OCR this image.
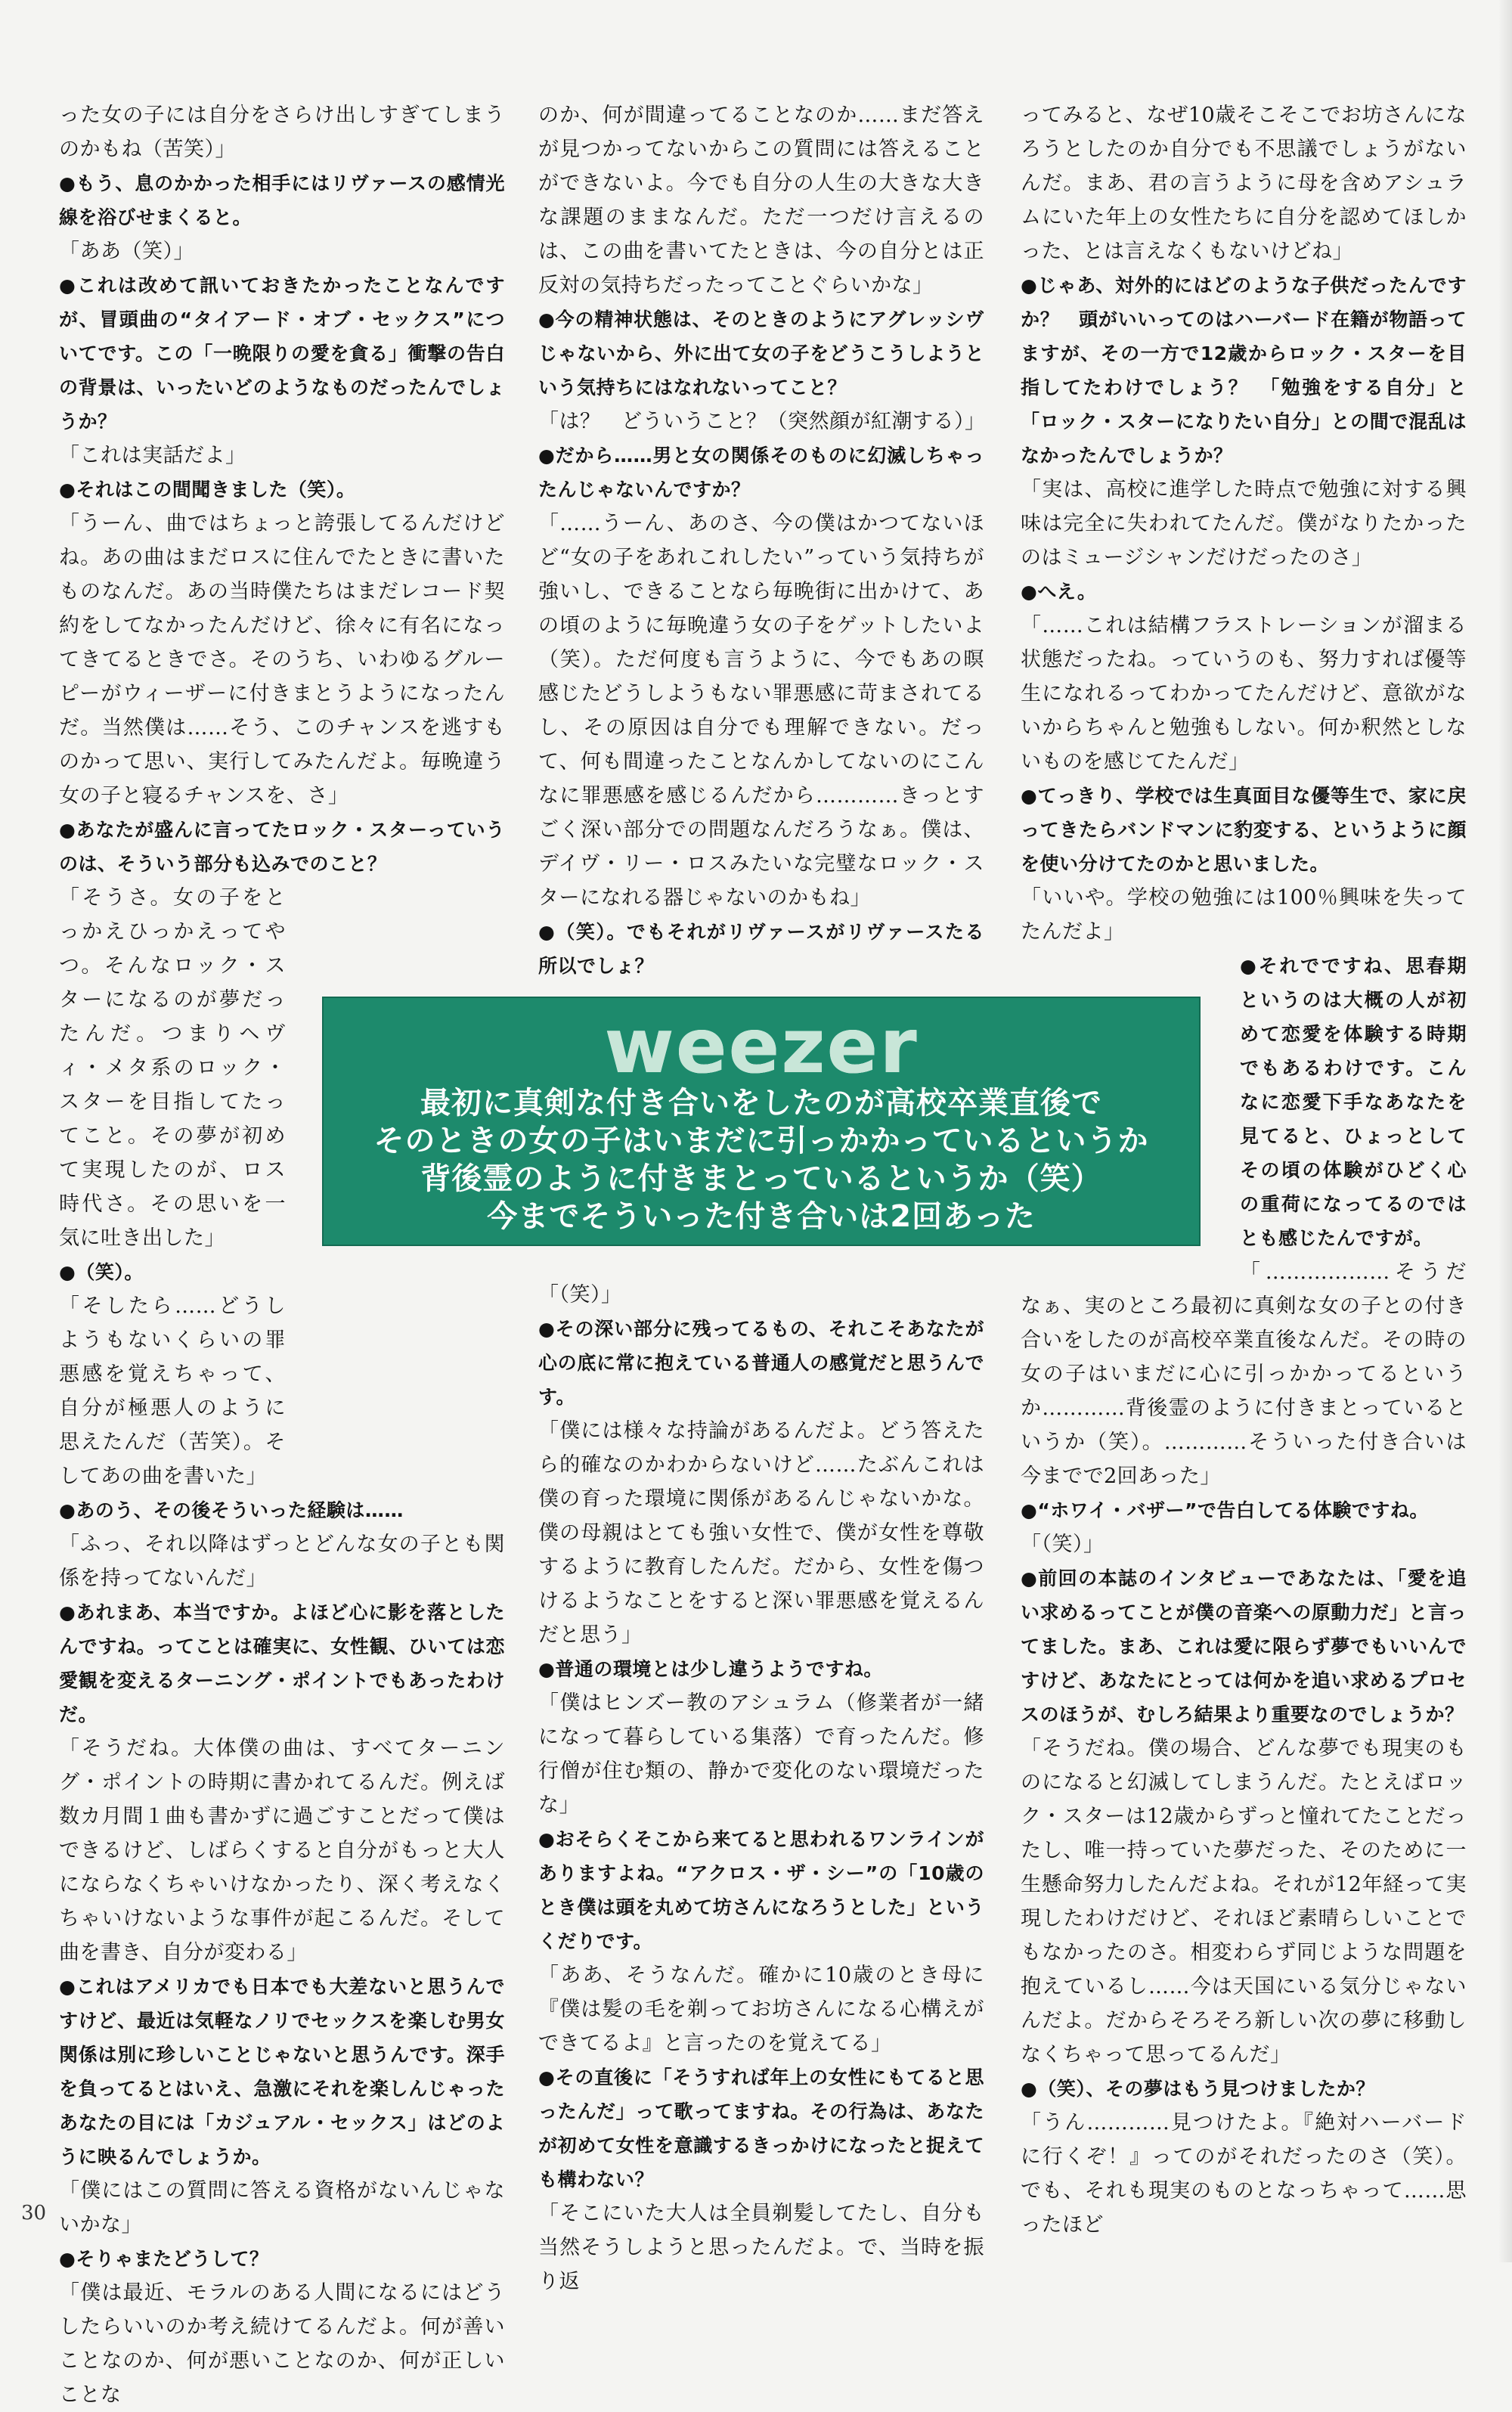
った女の子には自分をさらけ出しすぎてしまうのかもね（苦笑）」

●もう、息のかかった相手にはリヴァースの感情光線を浴びせまくると。

「ああ（笑）」

●これは改めて訊いておきたかったことなんですが、冒頭曲の“タイアード・オブ・セックス”についてです。この「一晩限りの愛を貪る」衝撃の告白の背景は、いったいどのようなものだったんでしょうか？

「これは実話だよ」

●それはこの間聞きました（笑）。

「うーん、曲ではちょっと誇張してるんだけどね。あの曲はまだロスに住んでたときに書いたものなんだ。あの当時僕たちはまだレコード契約をしてなかったんだけど、徐々に有名になってきてるときでさ。そのうち、いわゆるグルーピーがウィーザーに付きまとうようになったんだ。当然僕は……そう、このチャンスを逃すものかって思い、実行してみたんだよ。毎晩違う女の子と寝るチャンスを、さ」

●あなたが盛んに言ってたロック・スターっていうのは、そういう部分も込みでのこと？

「そうさ。女の子をとっかえひっかえってやつ。そんなロック・スターになるのが夢だったんだ。つまりヘヴィ・メタ系のロック・スターを目指してたってこと。その夢が初めて実現したのが、ロス時代さ。その思いを一気に吐き出した」

●（笑）。

「そしたら……どうしようもないくらいの罪悪感を覚えちゃって、自分が極悪人のように思えたんだ（苦笑）。そしてあの曲を書いた」

●あのう、その後そういった経験は……

「ふっ、それ以降はずっとどんな女の子とも関係を持ってないんだ」

●あれまあ、本当ですか。よほど心に影を落としたんですね。ってことは確実に、女性観、ひいては恋愛観を変えるターニング・ポイントでもあったわけだ。

「そうだね。大体僕の曲は、すべてターニング・ポイントの時期に書かれてるんだ。例えば数カ月間１曲も書かずに過ごすことだって僕はできるけど、しばらくすると自分がもっと大人にならなくちゃいけなかったり、深く考えなくちゃいけないような事件が起こるんだ。そして曲を書き、自分が変わる」

●これはアメリカでも日本でも大差ないと思うんですけど、最近は気軽なノリでセックスを楽しむ男女関係は別に珍しいことじゃないと思うんです。深手を負ってるとはいえ、急激にそれを楽しんじゃったあなたの目には「カジュアル・セックス」はどのように映るんでしょうか。

「僕にはこの質問に答える資格がないんじゃないかな」

●そりゃまたどうして？

「僕は最近、モラルのある人間になるにはどうしたらいいのか考え続けてるんだよ。何が善いことなのか、何が悪いことなのか、何が正しいことな

のか、何が間違ってることなのか……まだ答えが見つかってないからこの質問には答えることができないよ。今でも自分の人生の大きな大きな課題のままなんだ。ただ一つだけ言えるのは、この曲を書いてたときは、今の自分とは正反対の気持ちだったってことぐらいかな」

●今の精神状態は、そのときのようにアグレッシヴじゃないから、外に出て女の子をどうこうしようという気持ちにはなれないってこと？

「は？　どういうこと？（突然顔が紅潮する）」

●だから……男と女の関係そのものに幻滅しちゃったんじゃないんですか？

「……うーん、あのさ、今の僕はかつてないほど“女の子をあれこれしたい”っていう気持ちが強いし、できることなら毎晩街に出かけて、あの頃のように毎晩違う女の子をゲットしたいよ（笑）。ただ何度も言うように、今でもあの暝感じたどうしようもない罪悪感に苛まされてるし、その原因は自分でも理解できない。だって、何も間違ったことなんかしてないのにこんなに罪悪感を感じるんだから…………きっとすごく深い部分での問題なんだろうなぁ。僕は、デイヴ・リー・ロスみたいな完璧なロック・スターになれる器じゃないのかもね」

●（笑）。でもそれがリヴァースがリヴァースたる所以でしょ？

「（笑）」

●その深い部分に残ってるもの、それこそあなたが心の底に常に抱えている普通人の感覚だと思うんです。

「僕には様々な持論があるんだよ。どう答えたら的確なのかわからないけど……たぶんこれは僕の育った環境に関係があるんじゃないかな。僕の母親はとても強い女性で、僕が女性を尊敬するように教育したんだ。だから、女性を傷つけるようなことをすると深い罪悪感を覚えるんだと思う」

●普通の環境とは少し違うようですね。

「僕はヒンズー教のアシュラム（修業者が一緒になって暮らしている集落）で育ったんだ。修行僧が住む類の、静かで変化のない環境だったな」

●おそらくそこから来てると思われるワンラインがありますよね。“アクロス・ザ・シー”の「10歳のとき僕は頭を丸めて坊さんになろうとした」というくだりです。

「ああ、そうなんだ。確かに10歳のとき母に『僕は髪の毛を剃ってお坊さんになる心構えができてるよ』と言ったのを覚えてる」

●その直後に「そうすれば年上の女性にもてると思ったんだ」って歌ってますね。その行為は、あなたが初めて女性を意識するきっかけになったと捉えても構わない？

「そこにいた大人は全員剃髪してたし、自分も当然そうしようと思ったんだよ。で、当時を振り返

ってみると、なぜ10歳そこそこでお坊さんになろうとしたのか自分でも不思議でしょうがないんだ。まあ、君の言うように母を含めアシュラムにいた年上の女性たちに自分を認めてほしかった、とは言えなくもないけどね」

●じゃあ、対外的にはどのような子供だったんですか？　頭がいいってのはハーバード在籍が物語ってますが、その一方で12歳からロック・スターを目指してたわけでしょう？　「勉強をする自分」と「ロック・スターになりたい自分」との間で混乱はなかったんでしょうか？

「実は、高校に進学した時点で勉強に対する興味は完全に失われてたんだ。僕がなりたかったのはミュージシャンだけだったのさ」

●へえ。

「……これは結構フラストレーションが溜まる状態だったね。っていうのも、努力すれば優等生になれるってわかってたんだけど、意欲がないからちゃんと勉強もしない。何か釈然としないものを感じてたんだ」

●てっきり、学校では生真面目な優等生で、家に戻ってきたらバンドマンに豹変する、というように顔を使い分けてたのかと思いました。

「いいや。学校の勉強には100％興味を失ってたんだよ」

●それでですね、思春期というのは大概の人が初めて恋愛を体験する時期でもあるわけです。こんなに恋愛下手なあなたを見てると、ひょっとしてその頃の体験がひどく心の重荷になってるのではとも感じたんですが。

「………………そうだなぁ、実のところ最初に真剣な女の子との付き合いをしたのが高校卒業直後なんだ。その時の女の子はいまだに心に引っかかってるというか…………背後霊のように付きまとっているというか（笑）。…………そういった付き合いは今までで2回あった」

●“ホワイ・バザー”で告白してる体験ですね。

「（笑）」

●前回の本誌のインタビューであなたは、「愛を追い求めるってことが僕の音楽への原動力だ」と言ってました。まあ、これは愛に限らず夢でもいいんですけど、あなたにとっては何かを追い求めるプロセスのほうが、むしろ結果より重要なのでしょうか？

「そうだね。僕の場合、どんな夢でも現実のものになると幻滅してしまうんだ。たとえばロック・スターは12歳からずっと憧れてたことだったし、唯一持っていた夢だった、そのために一生懸命努力したんだよね。それが12年経って実現したわけだけど、それほど素晴らしいことでもなかったのさ。相変わらず同じような問題を抱えているし……今は天国にいる気分じゃないんだよ。だからそろそろ新しい次の夢に移動しなくちゃって思ってるんだ」

●（笑）、その夢はもう見つけましたか？

「うん…………見つけたよ。『絶対ハーバードに行くぞ！』ってのがそれだったのさ（笑）。でも、それも現実のものとなっちゃって……思ったほど

weezer
最初に真剣な付き合いをしたのが高校卒業直後で
そのときの女の子はいまだに引っかかっているというか
背後霊のように付きまとっているというか（笑）
今までそういった付き合いは2回あった
30
